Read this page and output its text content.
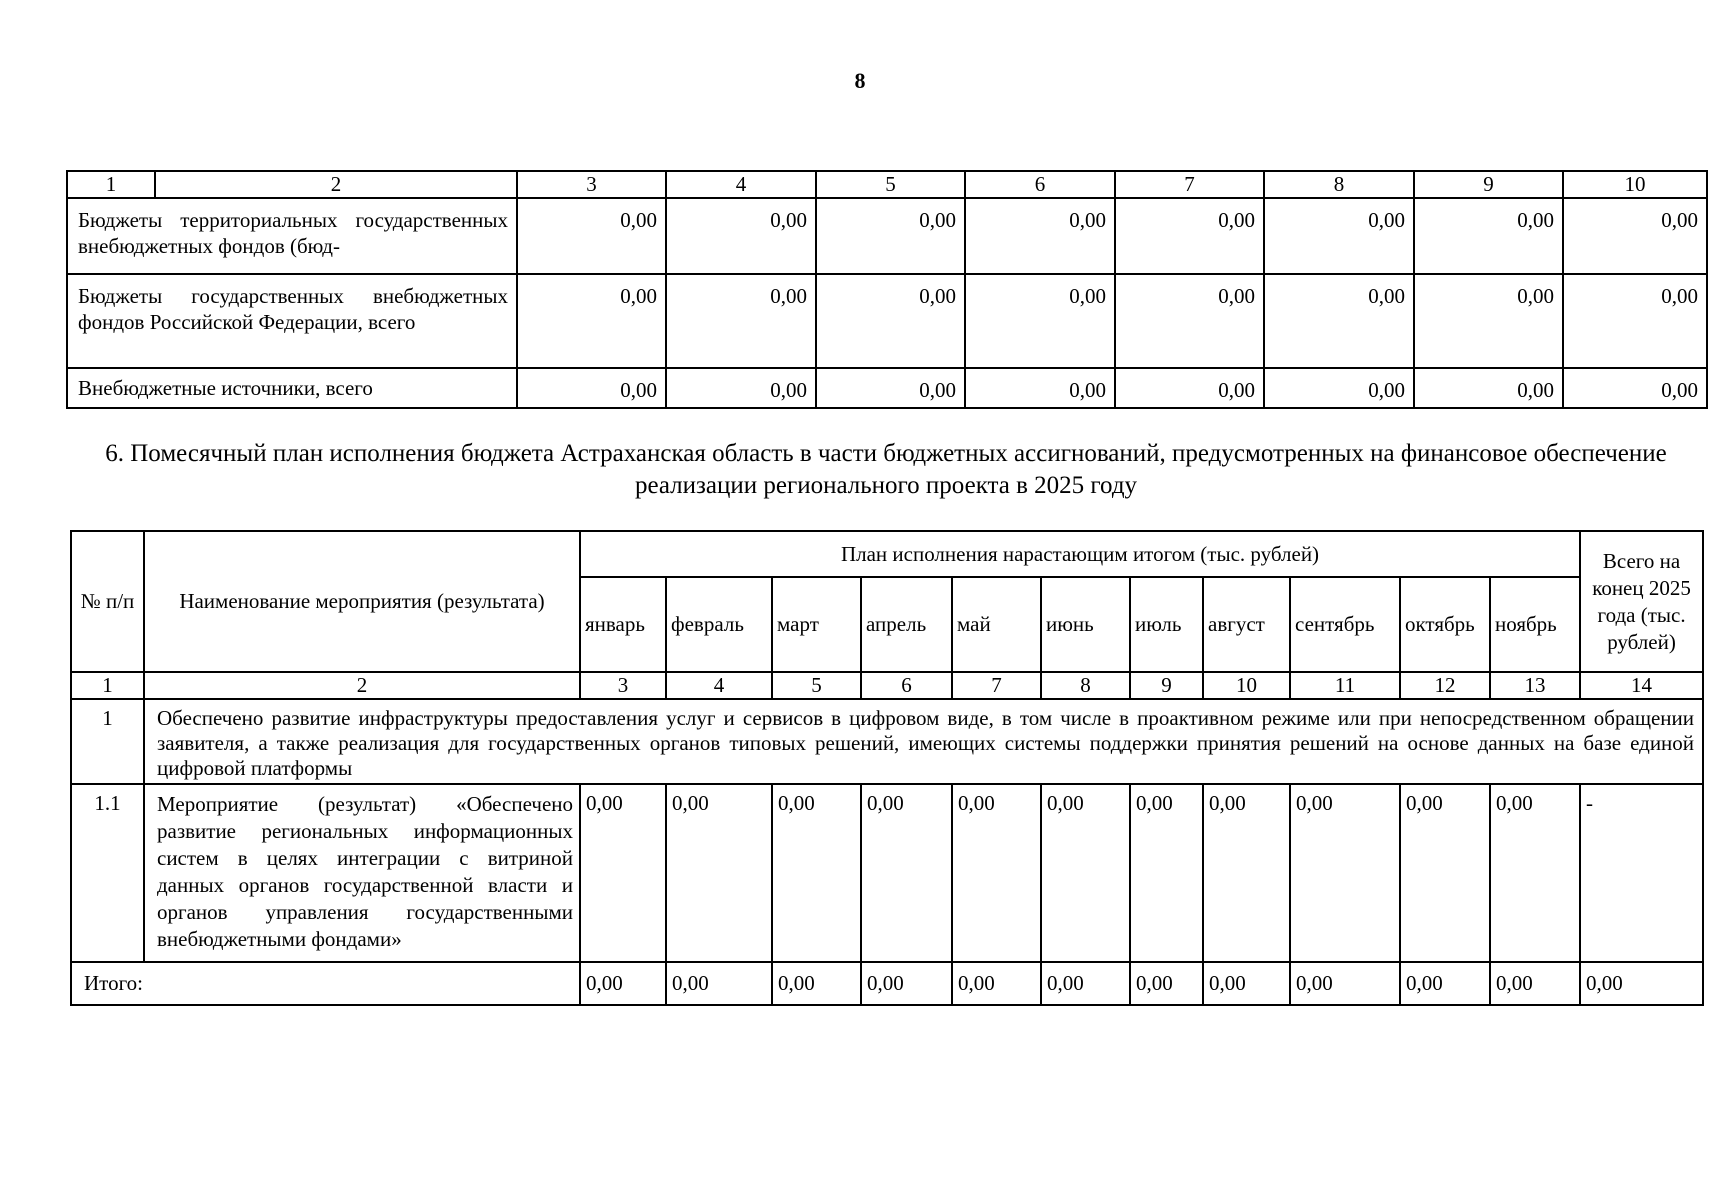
8
1	2	3	4	5	6	7	8	9	10

Бюджеты территориальных государственных внебюджетных фондов (бюд-		0,00	0,00	0,00	0,00	0,00	0,00	0,00	0,00
Бюджеты государственных внебюджетных фондов Российской Федерации, всего		0,00	0,00	0,00	0,00	0,00	0,00	0,00	0,00
Внебюджетные источники, всего		0,00	0,00	0,00	0,00	0,00	0,00	0,00	0,00
6. Помесячный план исполнения бюджета Астраханская область в части бюджетных ассигнований, предусмотренных на финансовое обеспечение реализации регионального проекта в 2025 году
№ п/п	Наименование мероприятия (результата)	План исполнения нарастающим итогом (тыс. рублей)											Всего на конец 2025 года (тыс. рублей)
		январь	февраль	март	апрель	май	июнь	июль	август	сентябрь	октябрь	ноябрь	
1	2	3	4	5	6	7	8	9	10	11	12	13	14
1	Обеспечено развитие инфраструктуры предоставления услуг и сервисов в цифровом виде, в том числе в проактивном режиме или при непосредственном обращении заявителя, а также реализация для государственных органов типовых решений, имеющих системы поддержки принятия решений на основе данных на базе единой цифровой платформы												
1.1	Мероприятие (результат) «Обеспечено развитие региональных информационных систем в целях интеграции с витриной данных органов государственной власти и органов управления государственными внебюджетными фондами»	0,00	0,00	0,00	0,00	0,00	0,00	0,00	0,00	0,00	0,00	0,00	-
Итого:		0,00	0,00	0,00	0,00	0,00	0,00	0,00	0,00	0,00	0,00	0,00	0,00
